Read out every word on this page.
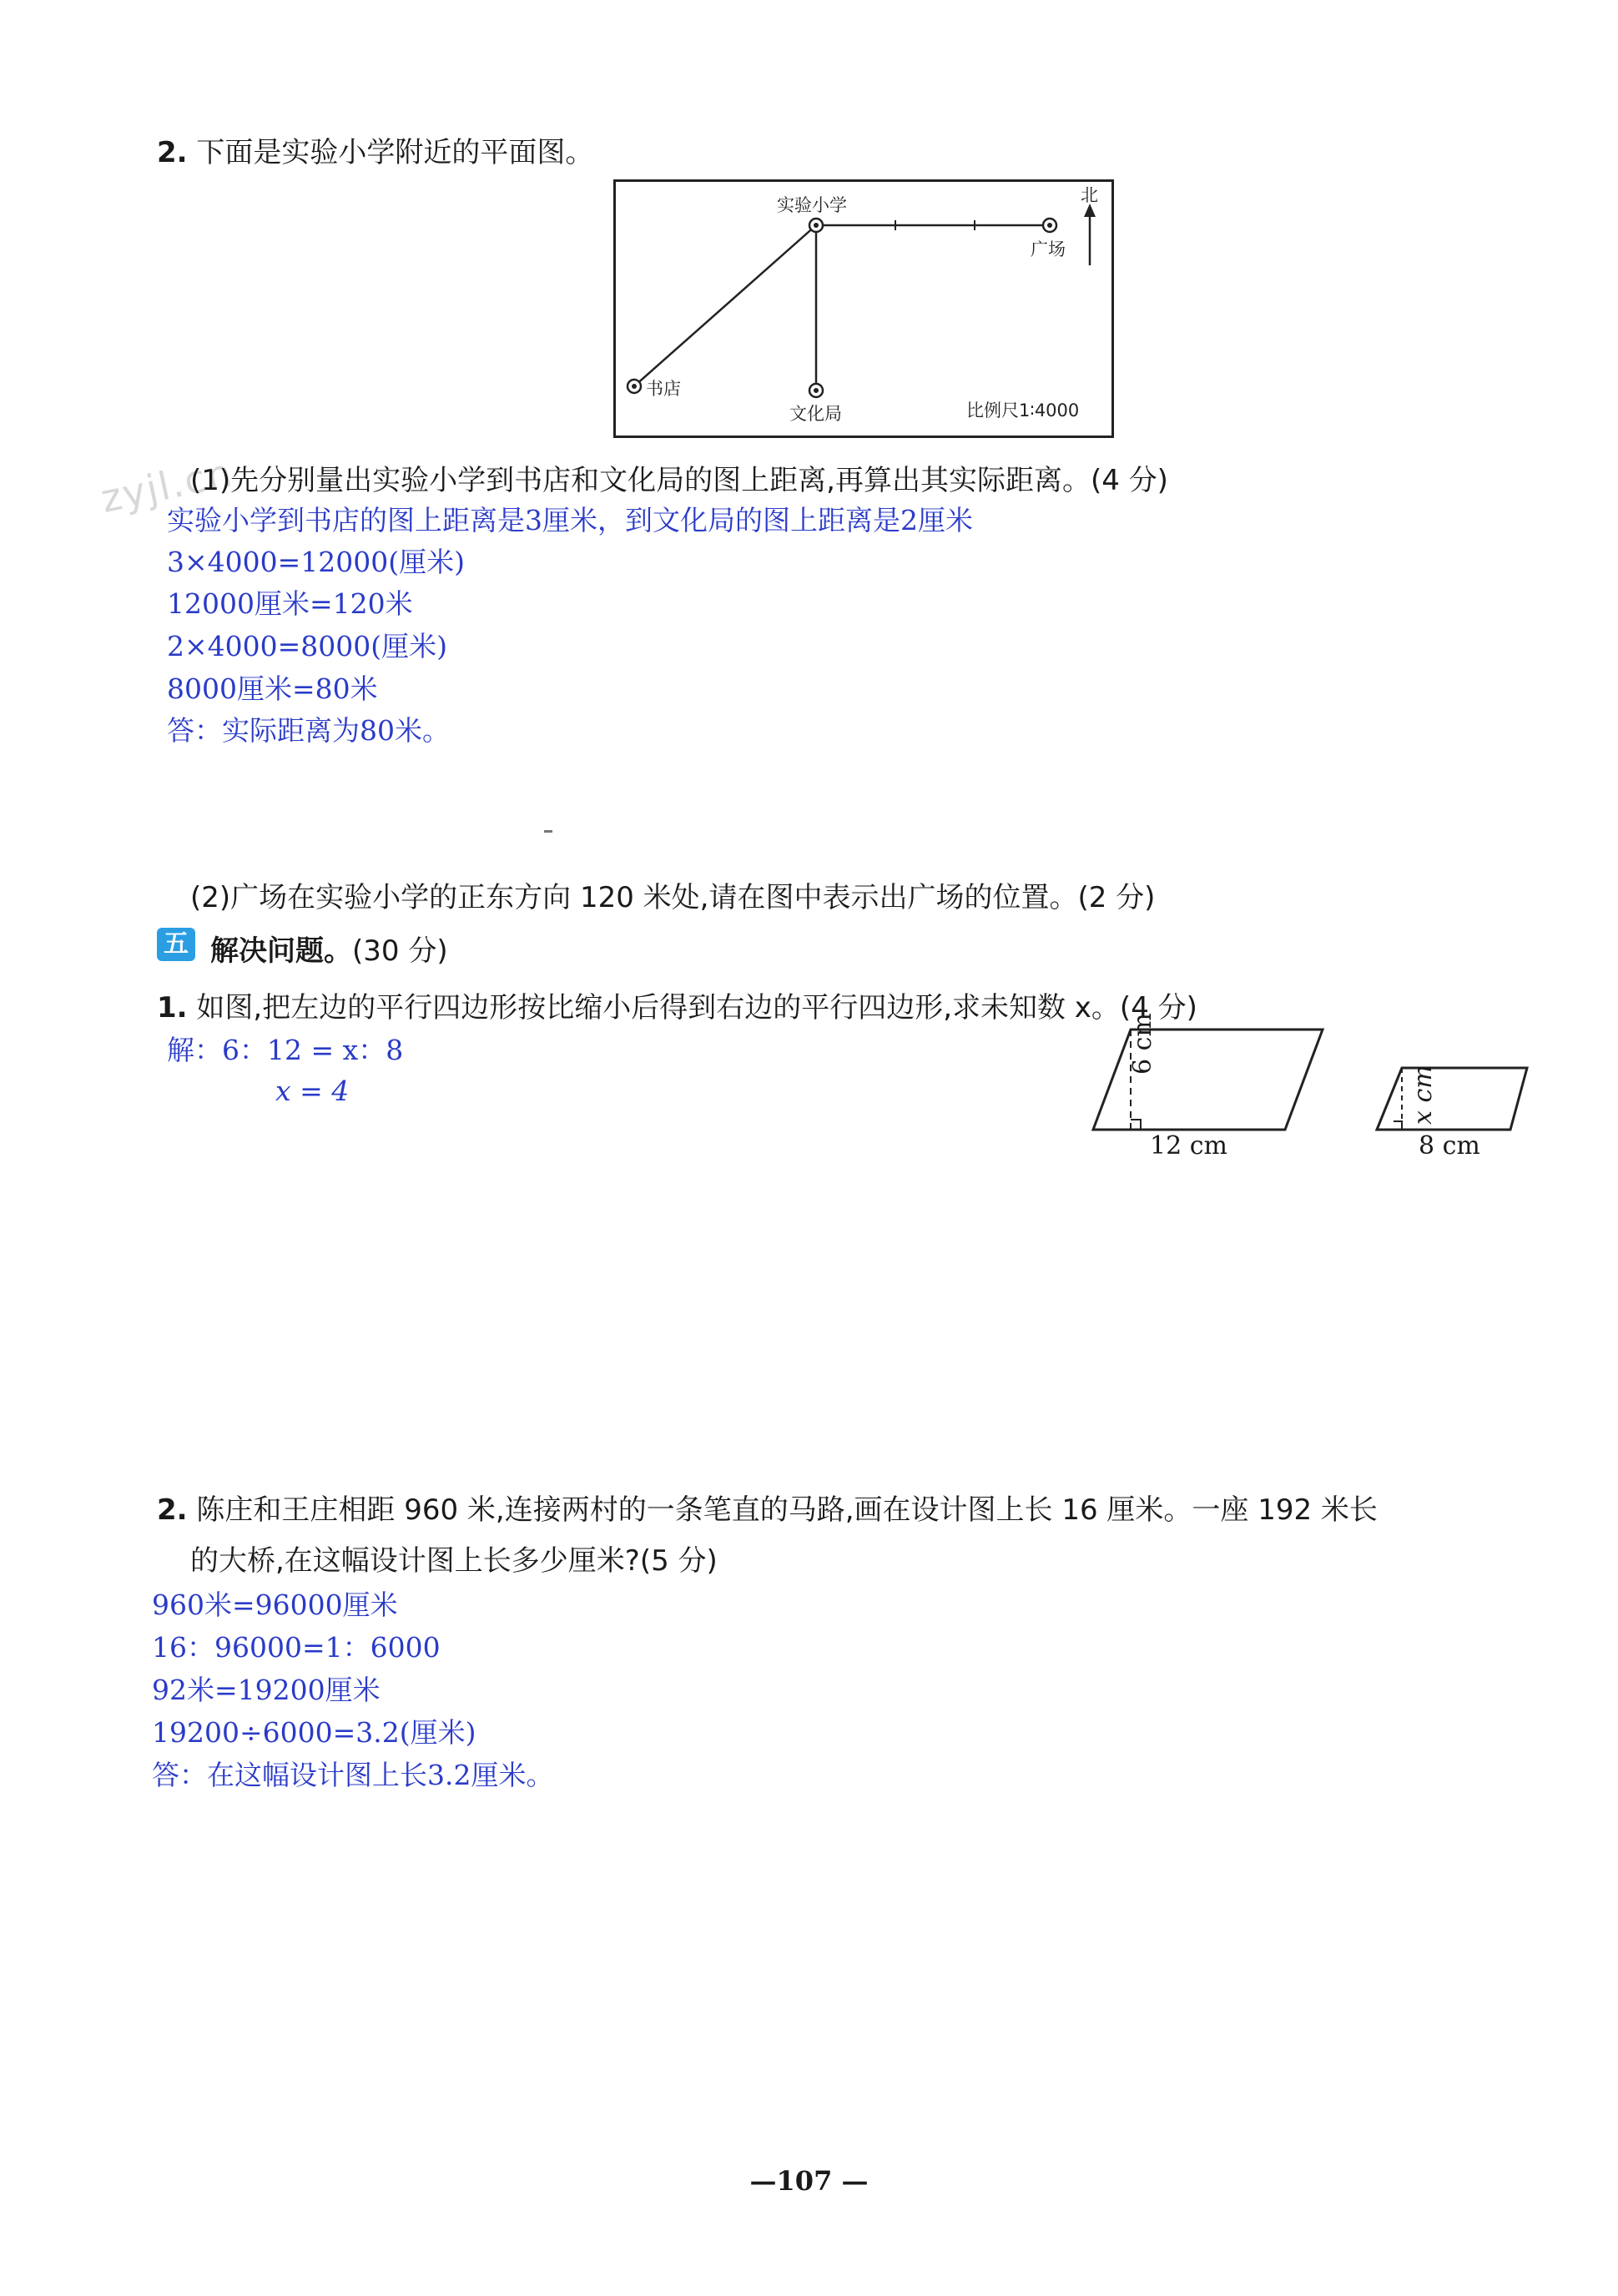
2. 下面是实验小学附近的平面图。
实验小学
广场
北
书店
文化局	比例尺1∶4000
zyjl.cn
(1)先分别量出实验小学到书店和文化局的图上距离,再算出其实际距离。(4 分)
实验小学到书店的图上距离是3厘米，到文化局的图上距离是2厘米
3×4000=12000(厘米)
12000厘米=120米
2×4000=8000(厘米)
8000厘米=80米
答：实际距离为80米。
(2)广场在实验小学的正东方向 120 米处,请在图中表示出广场的位置。(2 分)
五 解决问题。(30 分)
1. 如图,把左边的平行四边形按比缩小后得到右边的平行四边形,求未知数 x。(4 分)
解：6：12 = x：8
x = 4
6 cm
12 cm
x cm
8 cm
2. 陈庄和王庄相距 960 米,连接两村的一条笔直的马路,画在设计图上长 16 厘米。一座 192 米长
的大桥,在这幅设计图上长多少厘米?(5 分)
960米=96000厘米
16：96000=1：6000
92米=19200厘米
19200÷6000=3.2(厘米)
答：在这幅设计图上长3.2厘米。
—107 —
